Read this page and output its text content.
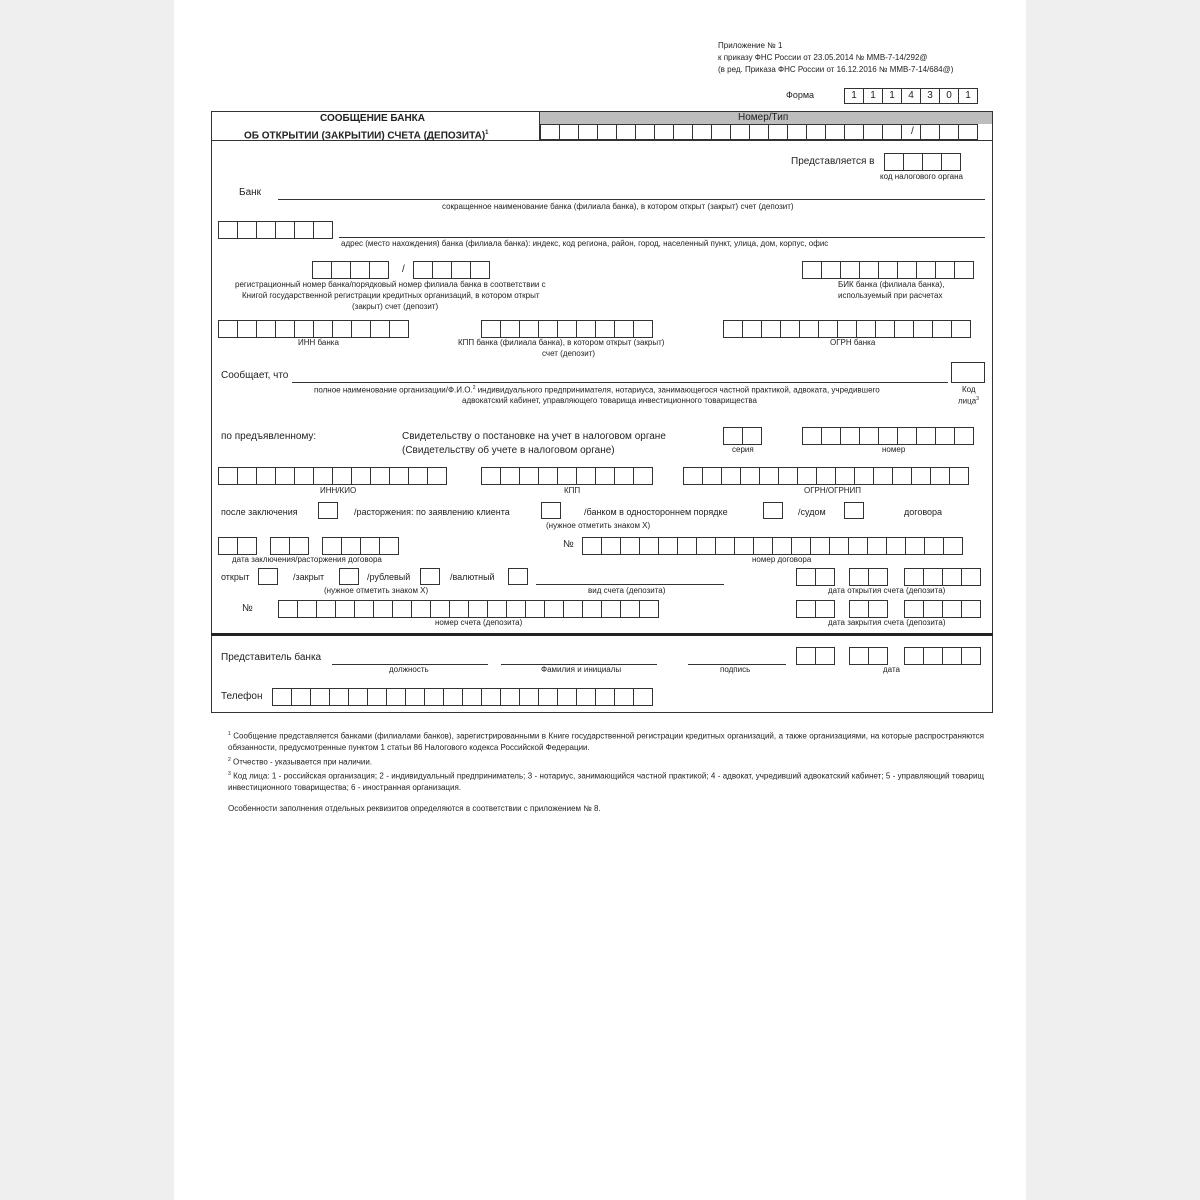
Приложение № 1
к приказу ФНС России от 23.05.2014 № ММВ-7-14/292@
(в ред. Приказа ФНС России от 16.12.2016 № ММВ-7-14/684@)
Форма	1	1	1	4	3	0	1
СООБЩЕНИЕ БАНКА
ОБ ОТКРЫТИИ (ЗАКРЫТИИ) СЧЕТА (ДЕПОЗИТА)$^1$
Номер/Тип
/
Представляется в
код налогового органа
Банк
сокращенное наименование банка (филиала банка), в котором открыт (закрыт) счет (депозит)
адрес (место нахождения) банка (филиала банка): индекс, код региона, район, город, населенный пункт, улица, дом, корпус, офис
/
регистрационный номер банка/порядковый номер филиала банка в соответствии с
Книгой государственной регистрации кредитных организаций, в котором открыт
(закрыт) счет (депозит)
БИК банка (филиала банка),
используемый при расчетах
ИНН банка	КПП банка (филиала банка), в котором открыт (закрыт)
счет (депозит)
ОГРН банка
Сообщает, что
полное наименование организации/Ф.И.О.$^2$ индивидуального предпринимателя, нотариуса, занимающегося частной практикой, адвоката, учредившего
адвокатский кабинет, управляющего товарища инвестиционного товарищества
Код
лица$^3$
по предъявленному:	Свидетельству о постановке на учет в налоговом органе
(Свидетельству об учете в налоговом органе)	серия	номер
ИНН/КИО	КПП	ОГРН/ОГРНИП
после заключения	/расторжения: по заявлению клиента	/банком в одностороннем порядке	/судом	договора
(нужное отметить знаком Х)
№
дата заключения/расторжения договора	номер договора
открыт	/закрыт	/рублевый	/валютный
(нужное отметить знаком Х)	вид счета (депозита)	дата открытия счета (депозита)
№
номер счета (депозита)	дата закрытия счета (депозита)
Представитель банка
должность	Фамилия и инициалы	подпись	дата
Телефон
$^1$ Сообщение представляется банками (филиалами банков), зарегистрированными в Книге государственной регистрации кредитных организаций, а также организациями, на которые распространяются обязанности, предусмотренные пунктом 1 статьи 86 Налогового кодекса Российской Федерации.
$^2$ Отчество - указывается при наличии.
$^3$ Код лица: 1 - российская организация; 2 - индивидуальный предприниматель; 3 - нотариус, занимающийся частной практикой; 4 - адвокат, учредивший адвокатский кабинет; 5 - управляющий товарищ инвестиционного товарищества; 6 - иностранная организация.
Особенности заполнения отдельных реквизитов определяются в соответствии с приложением № 8.
